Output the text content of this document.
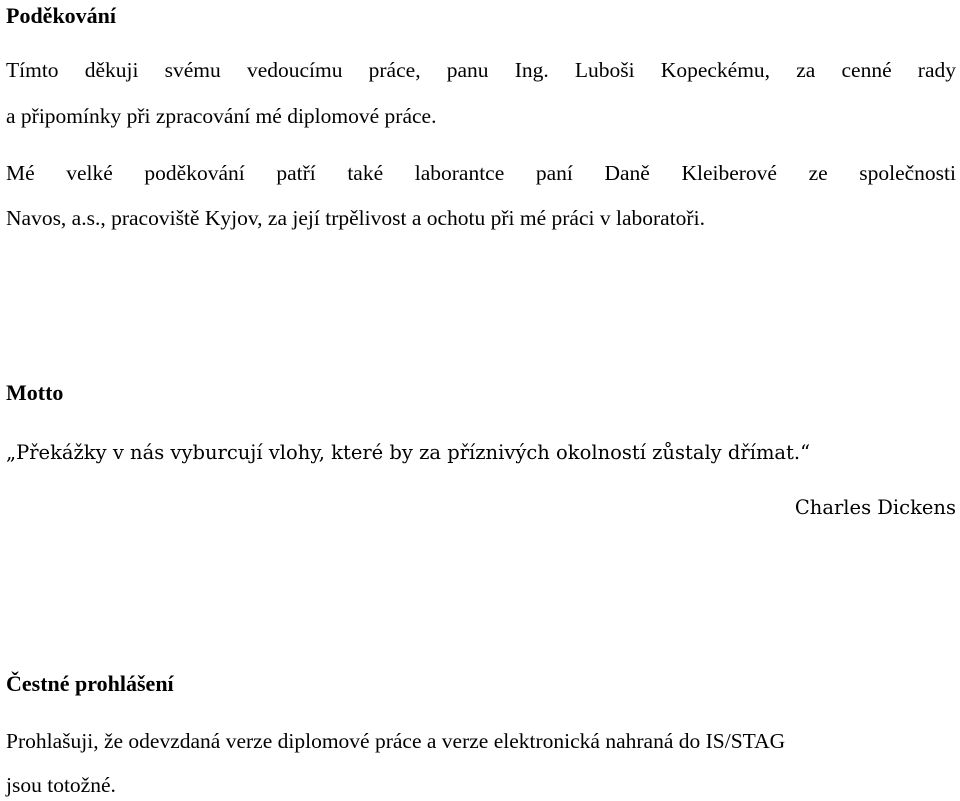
Poděkování

Tímto děkuji svému vedoucímu práce, panu Ing. Luboši Kopeckému, za cenné rady

a připomínky při zpracování mé diplomové práce.

Mé velké poděkování patří také laborantce paní Daně Kleiberové ze společnosti

Navos, a.s., pracoviště Kyjov, za její trpělivost a ochotu při mé práci v laboratoři.

Motto

„Překážky v nás vyburcují vlohy, které by za příznivých okolností zůstaly dřímat.“

Charles Dickens

Čestné prohlášení

Prohlašuji, že odevzdaná verze diplomové práce a verze elektronická nahraná do IS/STAG

jsou totožné.
